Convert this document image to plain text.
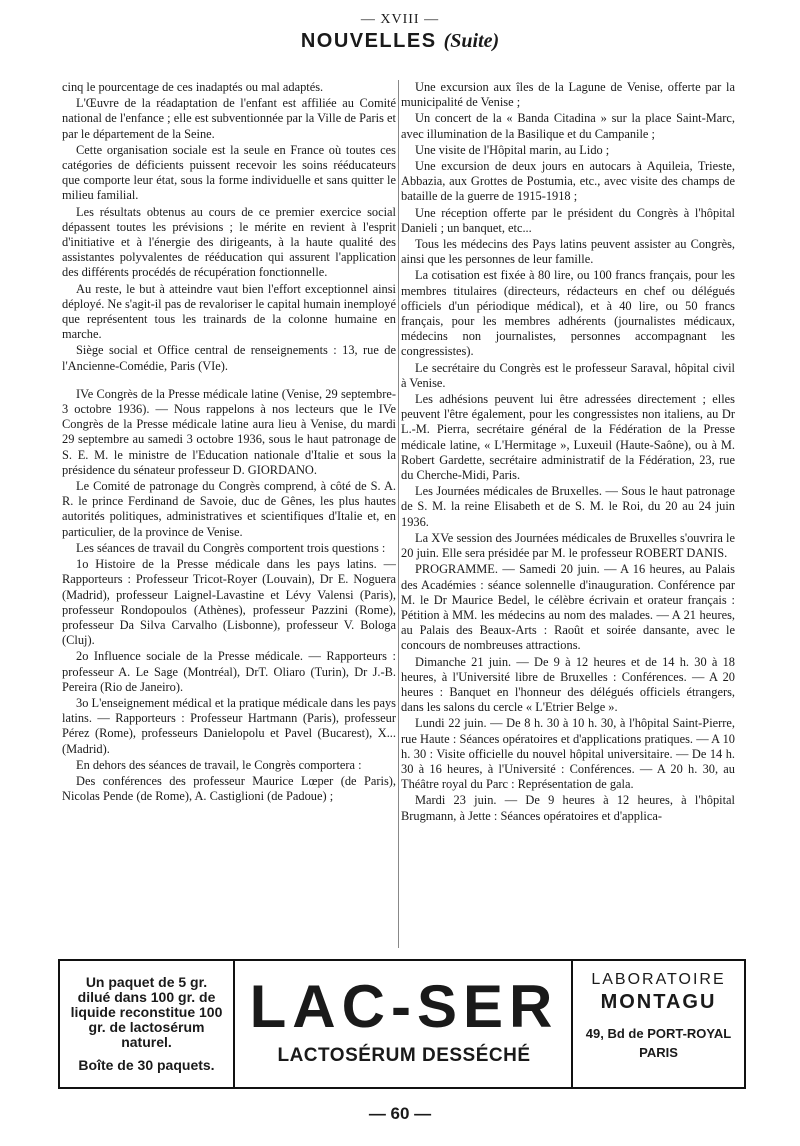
— XVIII —
NOUVELLES (Suite)

cinq le pourcentage de ces inadaptés ou mal adaptés.

L'Œuvre de la réadaptation de l'enfant est affiliée au Comité national de l'enfance ; elle est subventionnée par la Ville de Paris et par le département de la Seine.

Cette organisation sociale est la seule en France où toutes ces catégories de déficients puissent recevoir les soins rééducateurs que comporte leur état, sous la forme individuelle et sans quitter le milieu familial.

Les résultats obtenus au cours de ce premier exercice social dépassent toutes les prévisions ; le mérite en revient à l'esprit d'initiative et à l'énergie des dirigeants, à la haute qualité des assistantes polyvalentes de rééducation qui assurent l'application des différents procédés de récupération fonctionnelle.

Au reste, le but à atteindre vaut bien l'effort exceptionnel ainsi déployé. Ne s'agit-il pas de revaloriser le capital humain inemployé que représentent tous les trainards de la colonne humaine en marche.

Siège social et Office central de renseignements : 13, rue de l'Ancienne-Comédie, Paris (VIe).

IVe Congrès de la Presse médicale latine (Venise, 29 septembre-3 octobre 1936). — Nous rappelons à nos lecteurs que le IVe Congrès de la Presse médicale latine aura lieu à Venise, du mardi 29 septembre au samedi 3 octobre 1936, sous le haut patronage de S. E. M. le ministre de l'Education nationale d'Italie et sous la présidence du sénateur professeur D. GIORDANO.

Le Comité de patronage du Congrès comprend, à côté de S. A. R. le prince Ferdinand de Savoie, duc de Gênes, les plus hautes autorités politiques, administratives et scientifiques d'Italie et, en particulier, de la province de Venise.

Les séances de travail du Congrès comportent trois questions :

1o Histoire de la Presse médicale dans les pays latins. — Rapporteurs : Professeur Tricot-Royer (Louvain), Dr E. Noguera (Madrid), professeur Laignel-Lavastine et Lévy Valensi (Paris), professeur Rondopoulos (Athènes), professeur Pazzini (Rome), professeur Da Silva Carvalho (Lisbonne), professeur V. Bologa (Cluj).

2o Influence sociale de la Presse médicale. — Rapporteurs : professeur A. Le Sage (Montréal), DrT. Oliaro (Turin), Dr J.-B. Pereira (Rio de Janeiro).

3o L'enseignement médical et la pratique médicale dans les pays latins. — Rapporteurs : Professeur Hartmann (Paris), professeur Pérez (Rome), professeurs Danielopolu et Pavel (Bucarest), X... (Madrid).

En dehors des séances de travail, le Congrès comportera :

Des conférences des professeur Maurice Lœper (de Paris), Nicolas Pende (de Rome), A. Castiglioni (de Padoue) ;

Une excursion aux îles de la Lagune de Venise, offerte par la municipalité de Venise ;

Un concert de la « Banda Citadina » sur la place Saint-Marc, avec illumination de la Basilique et du Campanile ;

Une visite de l'Hôpital marin, au Lido ;

Une excursion de deux jours en autocars à Aquileia, Trieste, Abbazia, aux Grottes de Postumia, etc., avec visite des champs de bataille de la guerre de 1915-1918 ;

Une réception offerte par le président du Congrès à l'hôpital Danieli ; un banquet, etc...

Tous les médecins des Pays latins peuvent assister au Congrès, ainsi que les personnes de leur famille.

La cotisation est fixée à 80 lire, ou 100 francs français, pour les membres titulaires (directeurs, rédacteurs en chef ou délégués officiels d'un périodique médical), et à 40 lire, ou 50 francs français, pour les membres adhérents (journalistes médicaux, médecins non journalistes, personnes accompagnant les congressistes).

Le secrétaire du Congrès est le professeur Saraval, hôpital civil à Venise.

Les adhésions peuvent lui être adressées directement ; elles peuvent l'être également, pour les congressistes non italiens, au Dr L.-M. Pierra, secrétaire général de la Fédération de la Presse médicale latine, « L'Hermitage », Luxeuil (Haute-Saône), ou à M. Robert Gardette, secrétaire administratif de la Fédération, 23, rue du Cherche-Midi, Paris.

Les Journées médicales de Bruxelles. — Sous le haut patronage de S. M. la reine Elisabeth et de S. M. le Roi, du 20 au 24 juin 1936.

La XVe session des Journées médicales de Bruxelles s'ouvrira le 20 juin. Elle sera présidée par M. le professeur ROBERT DANIS.

PROGRAMME. — Samedi 20 juin. — A 16 heures, au Palais des Académies : séance solennelle d'inauguration. Conférence par M. le Dr Maurice Bedel, le célèbre écrivain et orateur français : Pétition à MM. les médecins au nom des malades. — A 21 heures, au Palais des Beaux-Arts : Raoût et soirée dansante, avec le concours de nombreuses attractions.

Dimanche 21 juin. — De 9 à 12 heures et de 14 h. 30 à 18 heures, à l'Université libre de Bruxelles : Conférences. — A 20 heures : Banquet en l'honneur des délégués officiels étrangers, dans les salons du cercle « L'Etrier Belge ».

Lundi 22 juin. — De 8 h. 30 à 10 h. 30, à l'hôpital Saint-Pierre, rue Haute : Séances opératoires et d'applications pratiques. — A 10 h. 30 : Visite officielle du nouvel hôpital universitaire. — De 14 h. 30 à 16 heures, à l'Université : Conférences. — A 20 h. 30, au Théâtre royal du Parc : Représentation de gala.

Mardi 23 juin. — De 9 heures à 12 heures, à l'hôpital Brugmann, à Jette : Séances opératoires et d'applica-

Un paquet de 5 gr. dilué dans 100 gr. de liquide reconstitue 100 gr. de lactosérum naturel.
Boîte de 30 paquets.
LAC-SER
LACTOSÉRUM DESSÉCHÉ
LABORATOIRE
MONTAGU
49, Bd de PORT-ROYAL
PARIS
— 60 —
